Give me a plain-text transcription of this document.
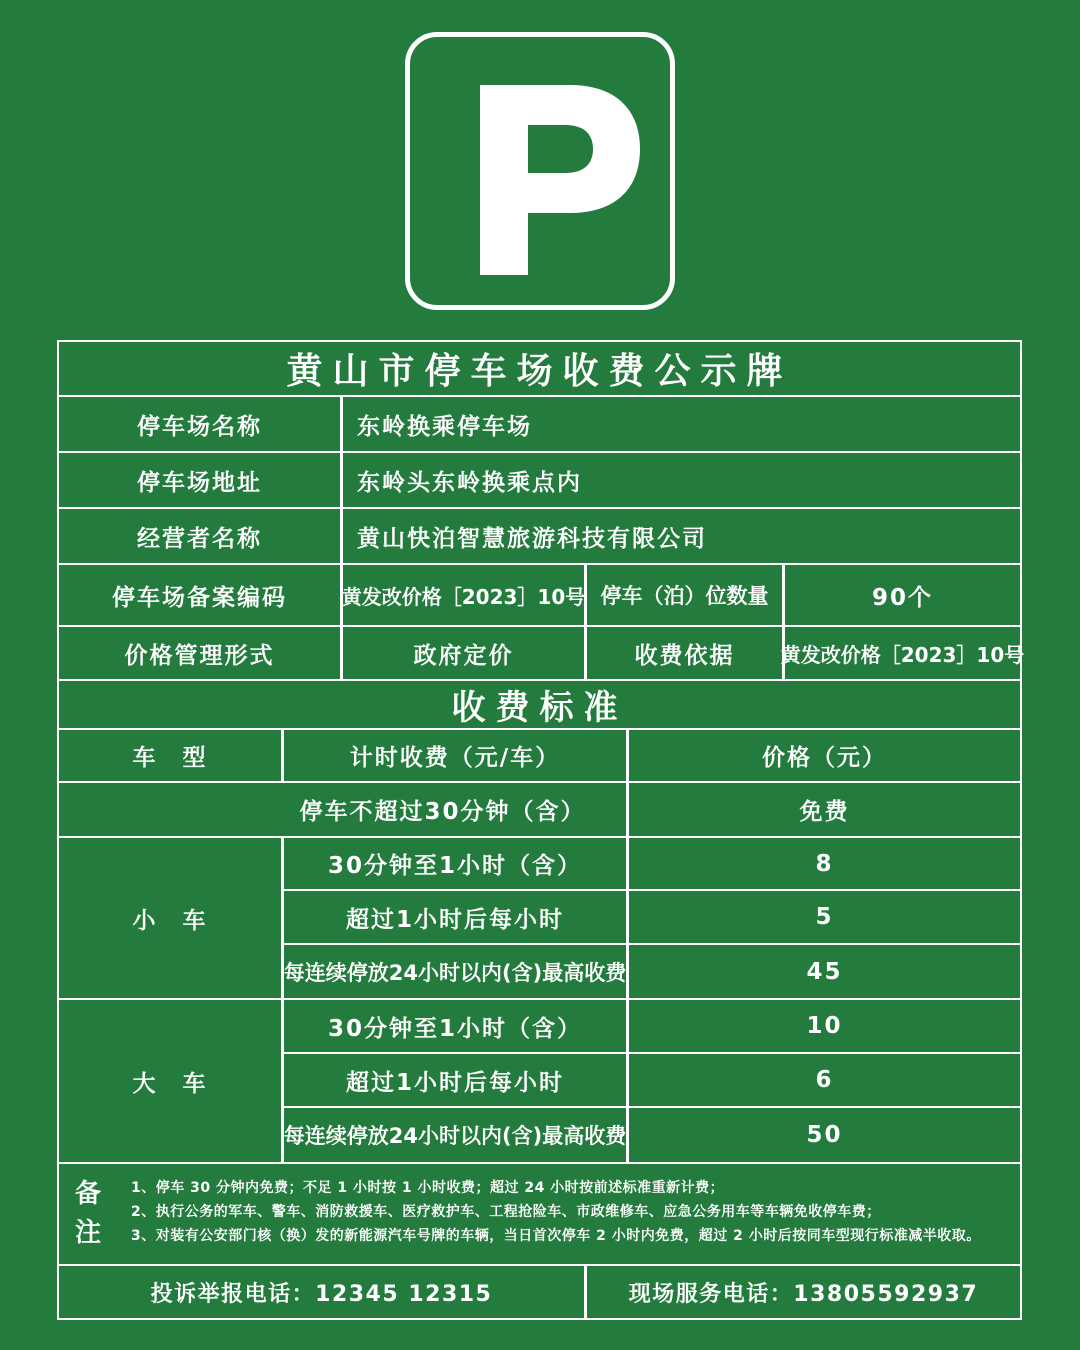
黄山市停车场收费公示牌
停车场名称	东岭换乘停车场
停车场地址	东岭头东岭换乘点内
经营者名称	黄山快泊智慧旅游科技有限公司
停车场备案编码	黄发改价格［2023］10号 停车（泊）位数量	90个
价格管理形式	政府定价	收费依据	黄发改价格［2023］10号
收费标准
车　型	计时收费（元/车）	价格（元）
停车不超过30分钟（含）	免费
小　车
30分钟至1小时（含）	8
超过1小时后每小时	5
每连续停放24小时以内(含)最高收费	45
大　车
30分钟至1小时（含）	10
超过1小时后每小时	6
每连续停放24小时以内(含)最高收费	50
备
注
1、停车 30 分钟内免费；不足 1 小时按 1 小时收费；超过 24 小时按前述标准重新计费；
2、执行公务的军车、警车、消防救援车、医疗救护车、工程抢险车、市政维修车、应急公务用车等车辆免收停车费；
3、对装有公安部门核（换）发的新能源汽车号牌的车辆，当日首次停车 2 小时内免费，超过 2 小时后按同车型现行标准减半收取。
投诉举报电话：12345 12315	现场服务电话：13805592937
